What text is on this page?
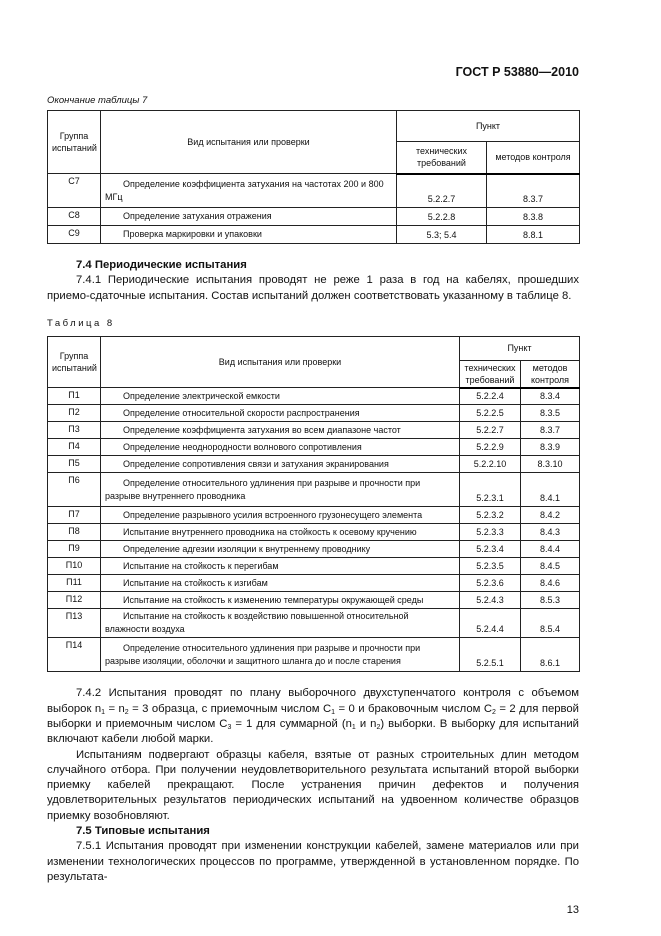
ГОСТ Р 53880—2010
Окончание таблицы 7
Группа испытаний	Вид испытания или проверки	Пункт	
		технических требований	методов контроля
С7	Определение коэффициента затухания на частотах 200 и 800 МГц	5.2.2.7	8.3.7
С8	Определение затухания отражения	5.2.2.8	8.3.8
С9	Проверка маркировки и упаковки	5.3; 5.4	8.8.1
7.4 Периодические испытания
7.4.1 Периодические испытания проводят не реже 1 раза в год на кабелях, прошедших приемо-сдаточные испытания. Состав испытаний должен соответствовать указанному в таблице 8.
Таблица 8
Группа испытаний	Вид испытания или проверки	Пункт	
		технических требований	методов контроля
П1	Определение электрической емкости	5.2.2.4	8.3.4
П2	Определение относительной скорости распространения	5.2.2.5	8.3.5
П3	Определение коэффициента затухания во всем диапазоне частот	5.2.2.7	8.3.7
П4	Определение неоднородности волнового сопротивления	5.2.2.9	8.3.9
П5	Определение сопротивления связи и затухания экранирования	5.2.2.10	8.3.10
П6	Определение относительного удлинения при разрыве и прочности при разрыве внутреннего проводника	5.2.3.1	8.4.1
П7	Определение разрывного усилия встроенного грузонесущего элемента	5.2.3.2	8.4.2
П8	Испытание внутреннего проводника на стойкость к осевому кручению	5.2.3.3	8.4.3
П9	Определение адгезии изоляции к внутреннему проводнику	5.2.3.4	8.4.4
П10	Испытание на стойкость к перегибам	5.2.3.5	8.4.5
П11	Испытание на стойкость к изгибам	5.2.3.6	8.4.6
П12	Испытание на стойкость к изменению температуры окружающей среды	5.2.4.3	8.5.3
П13	Испытание на стойкость к воздействию повышенной относительной влажности воздуха	5.2.4.4	8.5.4
П14	Определение относительного удлинения при разрыве и прочности при разрыве изоляции, оболочки и защитного шланга до и после старения	5.2.5.1	8.6.1
7.4.2 Испытания проводят по плану выборочного двухступенчатого контроля с объемом выборок $n_1 = n_2 = 3$ образца, с приемочным числом $С_1 = 0$ и браковочным числом $С_2 = 2$ для первой выборки и приемочным числом $С_3 = 1$ для суммарной ($n_1$ и $n_2$) выборки. В выборку для испытаний включают кабели любой марки.
Испытаниям подвергают образцы кабеля, взятые от разных строительных длин методом случайного отбора. При получении неудовлетворительного результата испытаний второй выборки приемку кабелей прекращают. После устранения причин дефектов и получения удовлетворительных результатов периодических испытаний на удвоенном количестве образцов приемку возобновляют.
7.5 Типовые испытания
7.5.1 Испытания проводят при изменении конструкции кабелей, замене материалов или при изменении технологических процессов по программе, утвержденной в установленном порядке. По результата-
13
